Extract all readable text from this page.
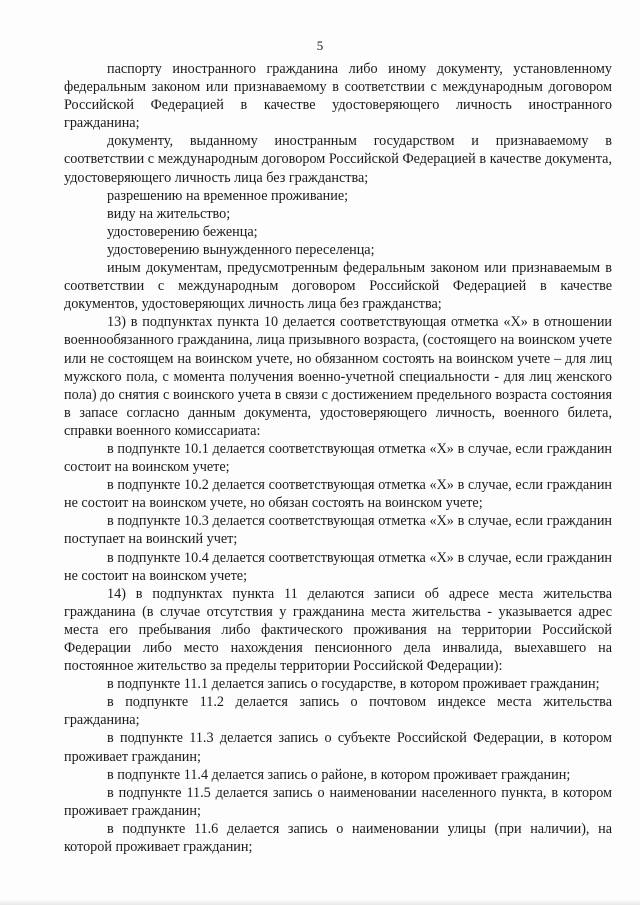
5

паспорту иностранного гражданина либо иному документу, установленному федеральным законом или признаваемому в соответствии с международным договором Российской Федерацией в качестве удостоверяющего личность иностранного гражданина;

документу, выданному иностранным государством и признаваемому в соответствии с международным договором Российской Федерацией в качестве документа, удостоверяющего личность лица без гражданства;

разрешению на временное проживание;

виду на жительство;

удостоверению беженца;

удостоверению вынужденного переселенца;

иным документам, предусмотренным федеральным законом или признаваемым в соответствии с международным договором Российской Федерацией в качестве документов, удостоверяющих личность лица без гражданства;

13) в подпунктах пункта 10 делается соответствующая отметка «X» в отношении военнообязанного гражданина, лица призывного возраста, (состоящего на воинском учете или не состоящем на воинском учете, но обязанном состоять на воинском учете – для лиц мужского пола, с момента получения военно-учетной специальности - для лиц женского пола) до снятия с воинского учета в связи с достижением предельного возраста состояния в запасе согласно данным документа, удостоверяющего личность, военного билета, справки военного комиссариата:

в подпункте 10.1 делается соответствующая отметка «X» в случае, если гражданин состоит на воинском учете;

в подпункте 10.2 делается соответствующая отметка «X» в случае, если гражданин не состоит на воинском учете, но обязан состоять на воинском учете;

в подпункте 10.3 делается соответствующая отметка «X» в случае, если гражданин поступает на воинский учет;

в подпункте 10.4 делается соответствующая отметка «X» в случае, если гражданин не состоит на воинском учете;

14) в подпунктах пункта 11 делаются записи об адресе места жительства гражданина (в случае отсутствия у гражданина места жительства - указывается адрес места его пребывания либо фактического проживания на территории Российской Федерации либо место нахождения пенсионного дела инвалида, выехавшего на постоянное жительство за пределы территории Российской Федерации):

в подпункте 11.1 делается запись о государстве, в котором проживает гражданин;

в подпункте 11.2 делается запись о почтовом индексе места жительства гражданина;

в подпункте 11.3 делается запись о субъекте Российской Федерации, в котором проживает гражданин;

в подпункте 11.4 делается запись о районе, в котором проживает гражданин;

в подпункте 11.5 делается запись о наименовании населенного пункта, в котором проживает гражданин;

в подпункте 11.6 делается запись о наименовании улицы (при наличии), на которой проживает гражданин;
